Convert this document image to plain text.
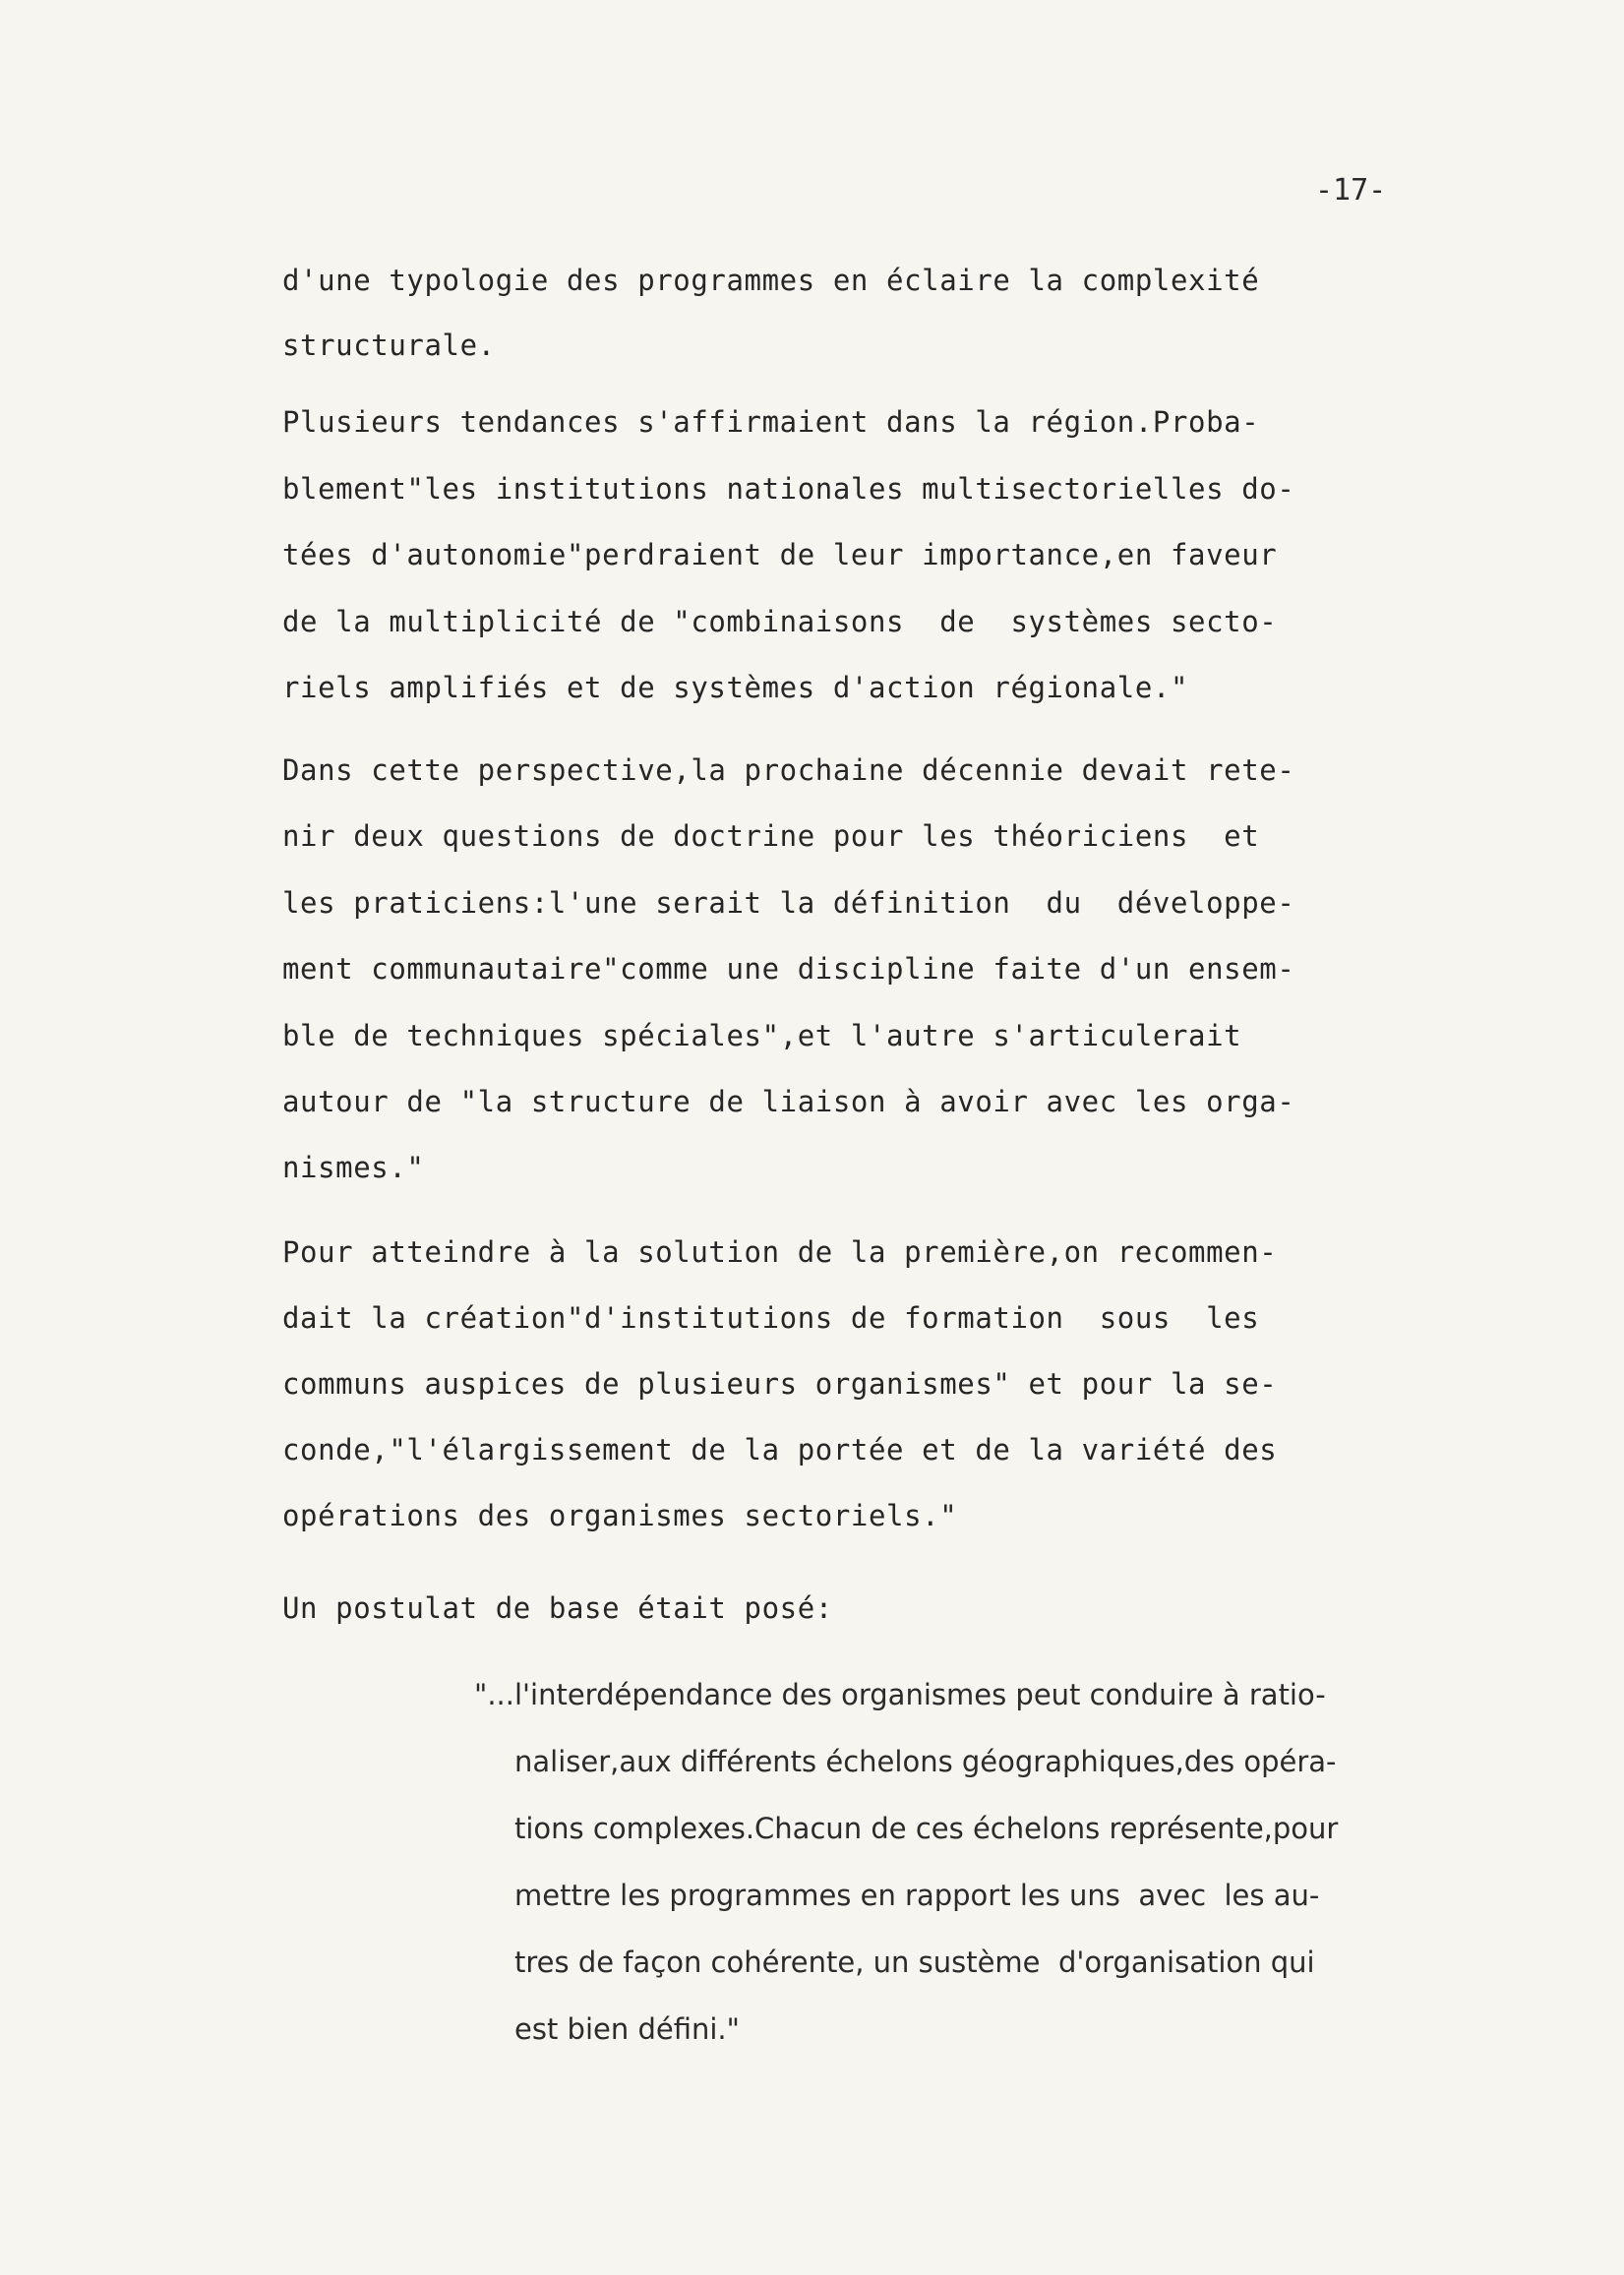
-17-
d'une typologie des programmes en éclaire la complexité
structurale.
Plusieurs tendances s'affirmaient dans la région.Proba-
blement"les institutions nationales multisectorielles do-
tées d'autonomie"perdraient de leur importance,en faveur
de la multiplicité de "combinaisons  de  systèmes secto-
riels amplifiés et de systèmes d'action régionale."
Dans cette perspective,la prochaine décennie devait rete-
nir deux questions de doctrine pour les théoriciens  et
les praticiens:l'une serait la définition  du  développe-
ment communautaire"comme une discipline faite d'un ensem-
ble de techniques spéciales",et l'autre s'articulerait
autour de "la structure de liaison à avoir avec les orga-
nismes."
Pour atteindre à la solution de la première,on recommen-
dait la création"d'institutions de formation  sous  les
communs auspices de plusieurs organismes" et pour la se-
conde,"l'élargissement de la portée et de la variété des
opérations des organismes sectoriels."
Un postulat de base était posé:
"...l'interdépendance des organismes peut conduire à ratio-
naliser,aux différents échelons géographiques,des opéra-
tions complexes.Chacun de ces échelons représente,pour
mettre les programmes en rapport les uns  avec  les au-
tres de façon cohérente, un sustème  d'organisation qui
est bien défini."
